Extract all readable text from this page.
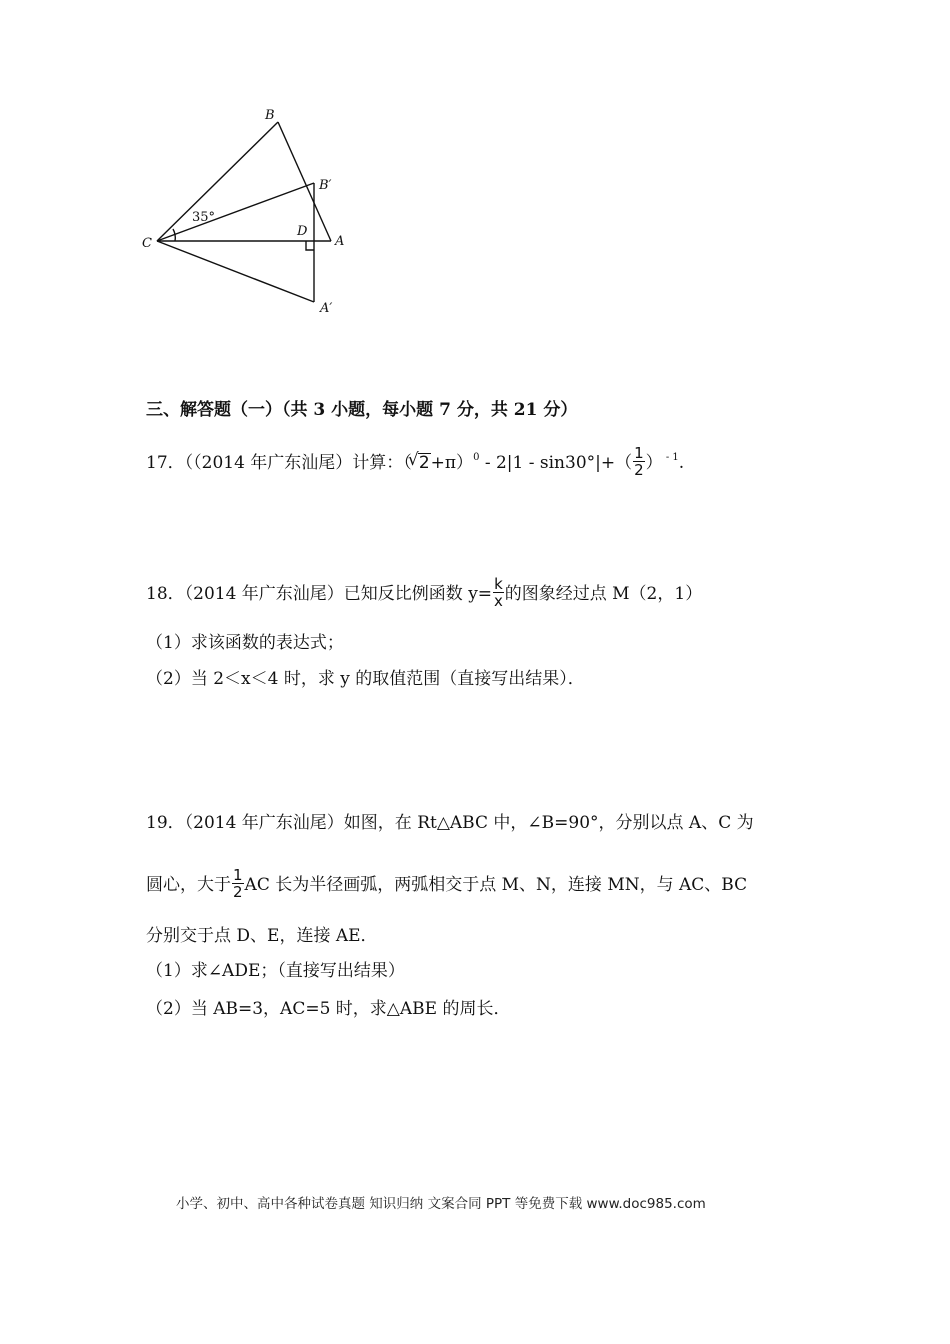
B
B′
35°
C
D
A
A′
三、解答题（一）（共 3 小题，每小题 7 分，共 21 分）
17．（（2014 年广东汕尾）计算：（√ $2+\pi)^0 - 2|1 - \sin 30^\circ|+( \frac{1}{2}$ ） $^{- 1}$.
18．（2014 年广东汕尾）已知反比例函数 $y= \frac{k}{x}$ 的图象经过点 M（2，1）
（1）求该函数的表达式；
（2）当 2＜x＜4 时，求 y 的取值范围（直接写出结果）．
19．（2014 年广东汕尾）如图，在 Rt△ABC 中，∠B=90°，分别以点 A、C 为
圆心，大于 $\frac{1}{2}$ AC 长为半径画弧，两弧相交于点 M、N，连接 MN，与 AC、BC
分别交于点 D、E，连接 AE．
（1）求∠ADE；（直接写出结果）
（2）当 AB=3，AC=5 时，求△ABE 的周长．
小学、初中、高中各种试卷真题 知识归纳 文案合同 PPT 等免费下载 www.doc985.com
